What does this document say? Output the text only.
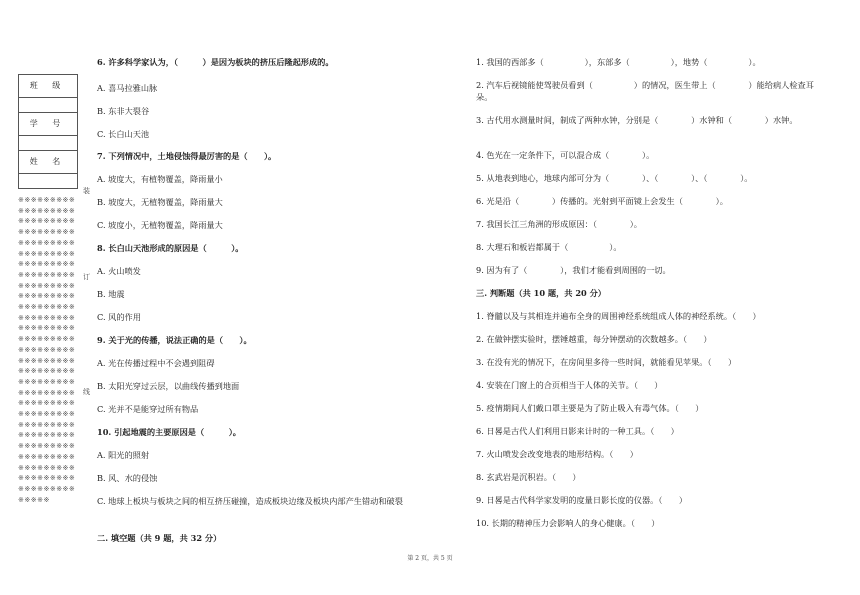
班 级
学 号
姓 名
※※※※※※※※※※※※※※※※※※※※※※※※※※※※※※※※※※※※※※※※※※※※※※※※※※※※※※※※※※※※※※※※※※※※※※※※※※※※※※※※※※※※※※※※※※※※※※※※※※※※※※※※※※※※※※※※※※※※※※※※※※※※※※※※※※※※※※※※※※※※※※※※※※※※※※※※※※※※※※※※※※※※※※※※※※※※※※※※※※※※※※※※※※※※※※※※※※※※※※※※※※※※※※※※※※※※※※※※※※※※※※※※※※※※※※※※※※※※※※※※※※※※※※※※※※※※※※※※※
装
订
线
6. 许多科学家认为，（　　　）是因为板块的挤压后隆起形成的。
A. 喜马拉雅山脉
B. 东非大裂谷
C. 长白山天池
7. 下列情况中，土地侵蚀得最厉害的是（　　）。
A. 坡度大，有植物覆盖，降雨量小
B. 坡度大，无植物覆盖，降雨量大
C. 坡度小，无植物覆盖，降雨量大
8. 长白山天池形成的原因是（　　　）。
A. 火山喷发
B. 地震
C. 风的作用
9. 关于光的传播，说法正确的是（　　）。
A. 光在传播过程中不会遇到阻碍
B. 太阳光穿过云层，以曲线传播到地面
C. 光并不是能穿过所有物品
10. 引起地震的主要原因是（　　　）。
A. 阳光的照射
B. 风、水的侵蚀
C. 地球上板块与板块之间的相互挤压碰撞，造成板块边缘及板块内部产生错动和破裂
二. 填空题（共 9 题，共 32 分）
1. 我国的西部多（　　　　　），东部多（　　　　　），地势（　　　　　）。
2. 汽车后视镜能使驾驶员看到（　　　　　）的情况，医生带上（　　　　）能给病人检查耳朵。
3. 古代用水测量时间，制成了两种水钟，分别是（　　　　）水钟和（　　　　）水钟。
4. 色光在一定条件下，可以混合成（　　　　）。
5. 从地表到地心，地球内部可分为（　　　　）、（　　　　）、（　　　　）。
6. 光是沿（　　　　）传播的。光射到平面镜上会发生（　　　　）。
7. 我国长江三角洲的形成原因：（　　　　）。
8. 大理石和板岩都属于（　　　　　）。
9. 因为有了（　　　　），我们才能看到周围的一切。
三. 判断题（共 10 题，共 20 分）
1. 脊髓以及与其相连并遍布全身的周围神经系统组成人体的神经系统。（　　）
2. 在做钟摆实验时，摆锤越重，每分钟摆动的次数越多。（　　）
3. 在没有光的情况下，在房间里多待一些时间，就能看见苹果。（　　）
4. 安装在门窗上的合页相当于人体的关节。（　　）
5. 疫情期间人们戴口罩主要是为了防止吸入有毒气体。（　　）
6. 日晷是古代人们利用日影来计时的一种工具。（　　）
7. 火山喷发会改变地表的地形结构。（　　）
8. 玄武岩是沉积岩。（　　）
9. 日晷是古代科学家发明的度量日影长度的仪器。（　　）
10. 长期的精神压力会影响人的身心健康。（　　）
第 2 页，共 5 页
